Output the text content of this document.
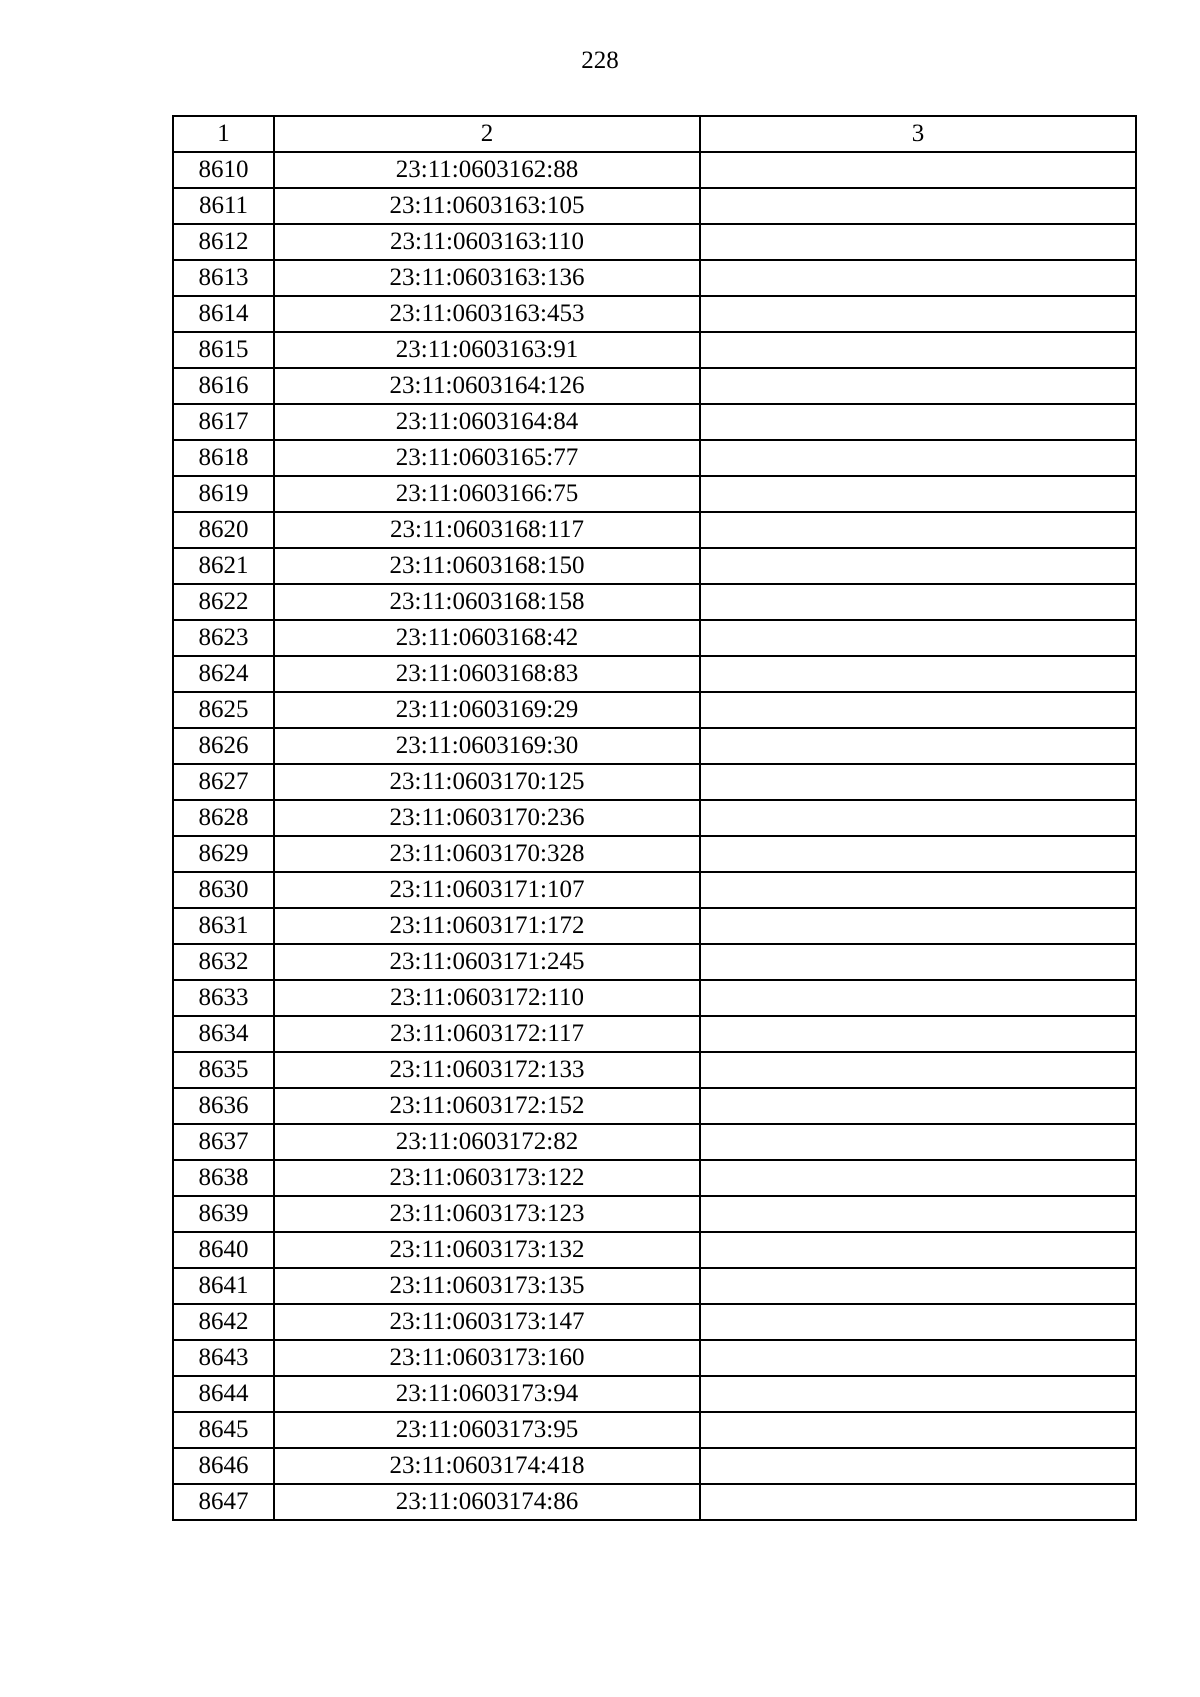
228
1	2	3
8610	23:11:0603162:88	
8611	23:11:0603163:105	
8612	23:11:0603163:110	
8613	23:11:0603163:136	
8614	23:11:0603163:453	
8615	23:11:0603163:91	
8616	23:11:0603164:126	
8617	23:11:0603164:84	
8618	23:11:0603165:77	
8619	23:11:0603166:75	
8620	23:11:0603168:117	
8621	23:11:0603168:150	
8622	23:11:0603168:158	
8623	23:11:0603168:42	
8624	23:11:0603168:83	
8625	23:11:0603169:29	
8626	23:11:0603169:30	
8627	23:11:0603170:125	
8628	23:11:0603170:236	
8629	23:11:0603170:328	
8630	23:11:0603171:107	
8631	23:11:0603171:172	
8632	23:11:0603171:245	
8633	23:11:0603172:110	
8634	23:11:0603172:117	
8635	23:11:0603172:133	
8636	23:11:0603172:152	
8637	23:11:0603172:82	
8638	23:11:0603173:122	
8639	23:11:0603173:123	
8640	23:11:0603173:132	
8641	23:11:0603173:135	
8642	23:11:0603173:147	
8643	23:11:0603173:160	
8644	23:11:0603173:94	
8645	23:11:0603173:95	
8646	23:11:0603174:418	
8647	23:11:0603174:86	
